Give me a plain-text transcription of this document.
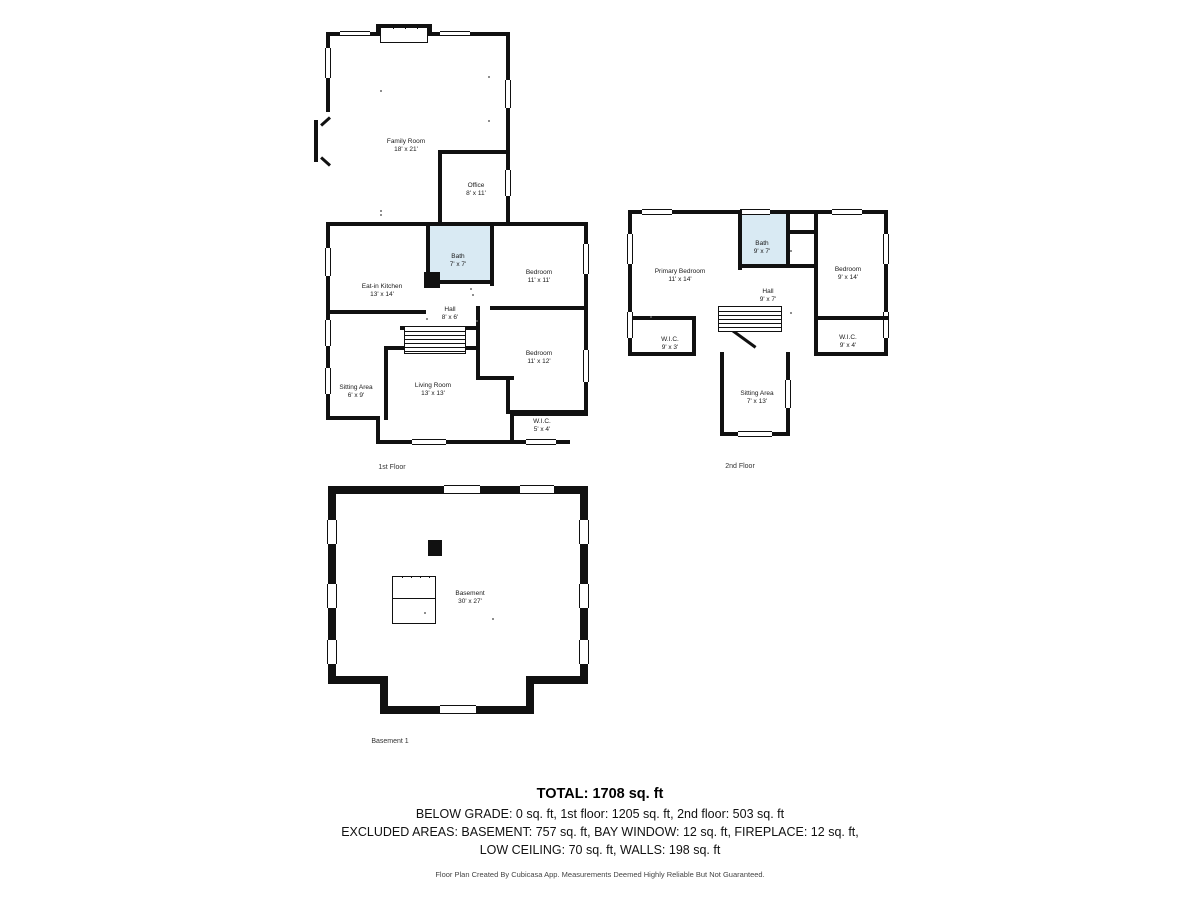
Family Room
18' x 21'
Office
8' x 11'
Bath
7' x 7'
Eat-in Kitchen
13' x 14'
Bedroom
11' x 11'
Hall
8' x 6'
Bedroom
11' x 12'
Sitting Area
6' x 9'
Living Room
13' x 13'
W.I.C.
5' x 4'
1st Floor
Primary Bedroom
11' x 14'
Bath
9' x 7'
Bedroom
9' x 14'
Hall
9' x 7'
W.I.C.
9' x 3'
W.I.C.
9' x 4'
Sitting Area
7' x 13'
2nd Floor
Basement
30' x 27'
Basement 1
TOTAL: 1708 sq. ft
BELOW GRADE: 0 sq. ft, 1st floor: 1205 sq. ft, 2nd floor: 503 sq. ft
EXCLUDED AREAS: BASEMENT: 757 sq. ft, BAY WINDOW: 12 sq. ft, FIREPLACE: 12 sq. ft,
LOW CEILING: 70 sq. ft, WALLS: 198 sq. ft
Floor Plan Created By Cubicasa App. Measurements Deemed Highly Reliable But Not Guaranteed.
